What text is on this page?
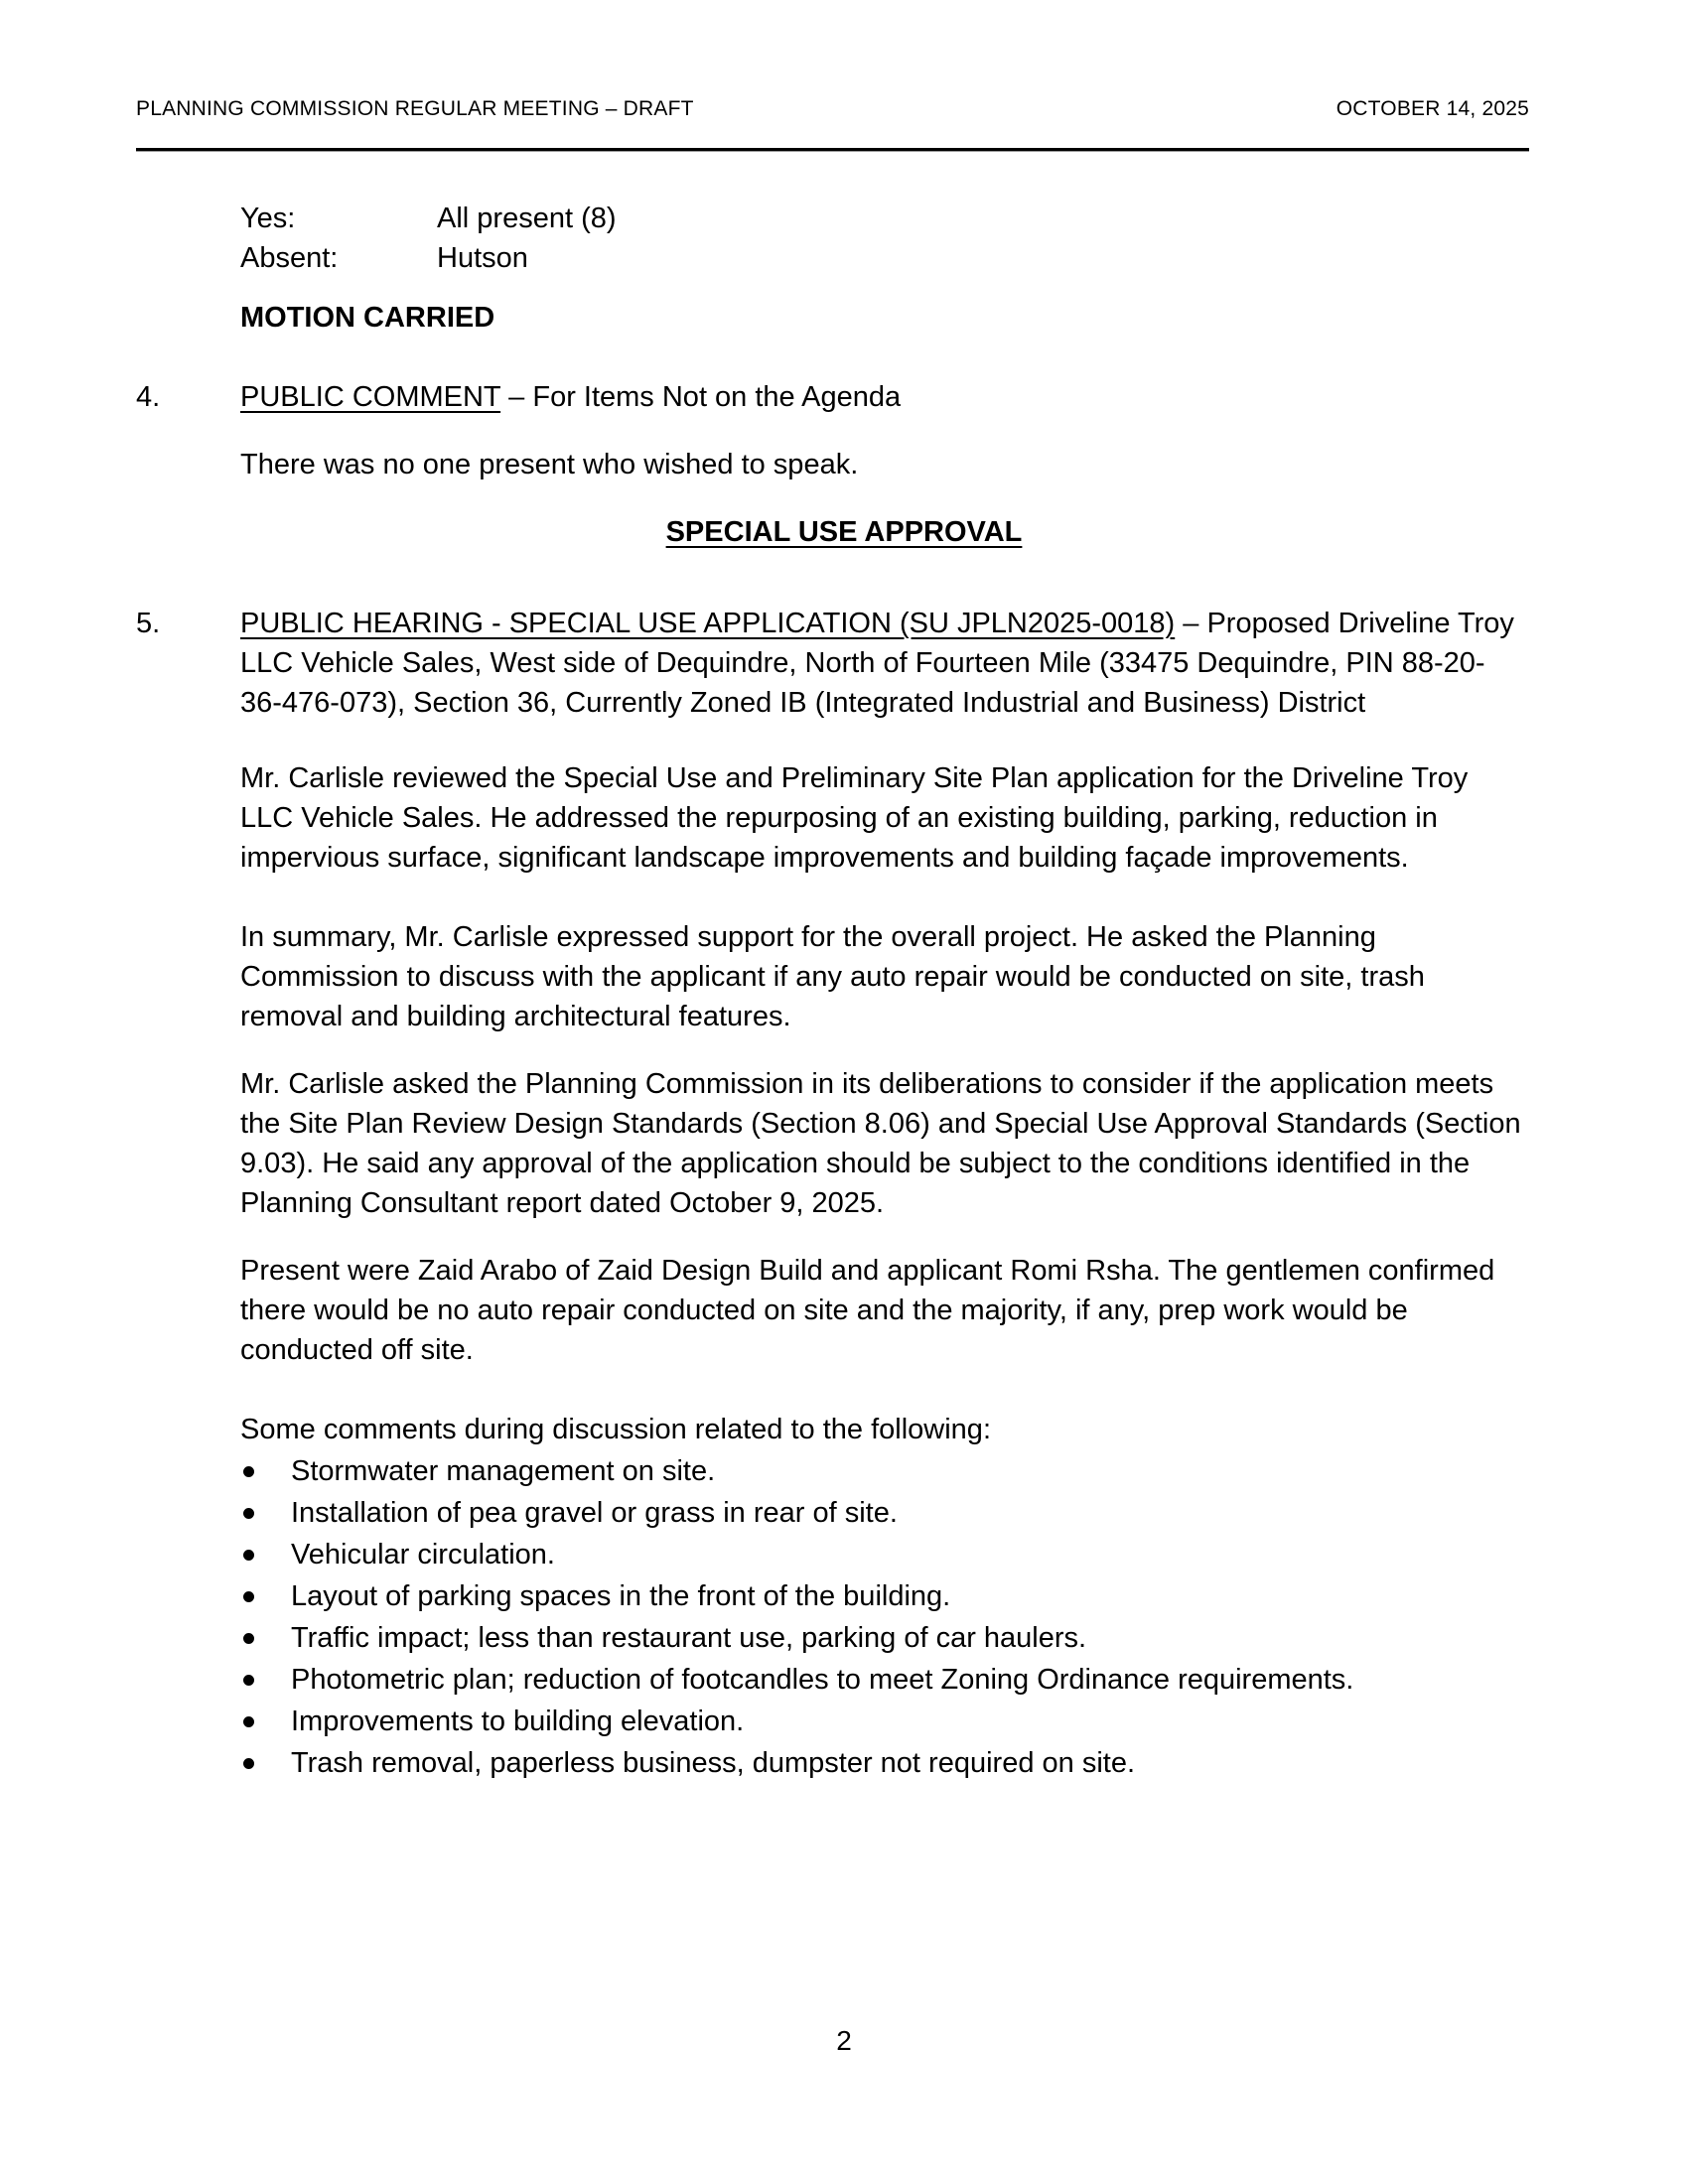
PLANNING COMMISSION REGULAR MEETING – DRAFT	OCTOBER 14, 2025
Yes:	All present (8)
Absent:	Hutson

MOTION CARRIED

4.	PUBLIC COMMENT – For Items Not on the Agenda

There was no one present who wished to speak.

SPECIAL USE APPROVAL
5.	PUBLIC HEARING - SPECIAL USE APPLICATION (SU JPLN2025-0018) – Proposed Driveline Troy LLC Vehicle Sales, West side of Dequindre, North of Fourteen Mile (33475 Dequindre, PIN 88-20-36-476-073), Section 36, Currently Zoned IB (Integrated Industrial and Business) District

Mr. Carlisle reviewed the Special Use and Preliminary Site Plan application for the Driveline Troy LLC Vehicle Sales. He addressed the repurposing of an existing building, parking, reduction in impervious surface, significant landscape improvements and building façade improvements.

In summary, Mr. Carlisle expressed support for the overall project. He asked the Planning Commission to discuss with the applicant if any auto repair would be conducted on site, trash removal and building architectural features.

Mr. Carlisle asked the Planning Commission in its deliberations to consider if the application meets the Site Plan Review Design Standards (Section 8.06) and Special Use Approval Standards (Section 9.03). He said any approval of the application should be subject to the conditions identified in the Planning Consultant report dated October 9, 2025.

Present were Zaid Arabo of Zaid Design Build and applicant Romi Rsha. The gentlemen confirmed there would be no auto repair conducted on site and the majority, if any, prep work would be conducted off site.

Some comments during discussion related to the following:

Stormwater management on site.
Installation of pea gravel or grass in rear of site.
Vehicular circulation.
Layout of parking spaces in the front of the building.
Traffic impact; less than restaurant use, parking of car haulers.
Photometric plan; reduction of footcandles to meet Zoning Ordinance requirements.
Improvements to building elevation.
Trash removal, paperless business, dumpster not required on site.
2
